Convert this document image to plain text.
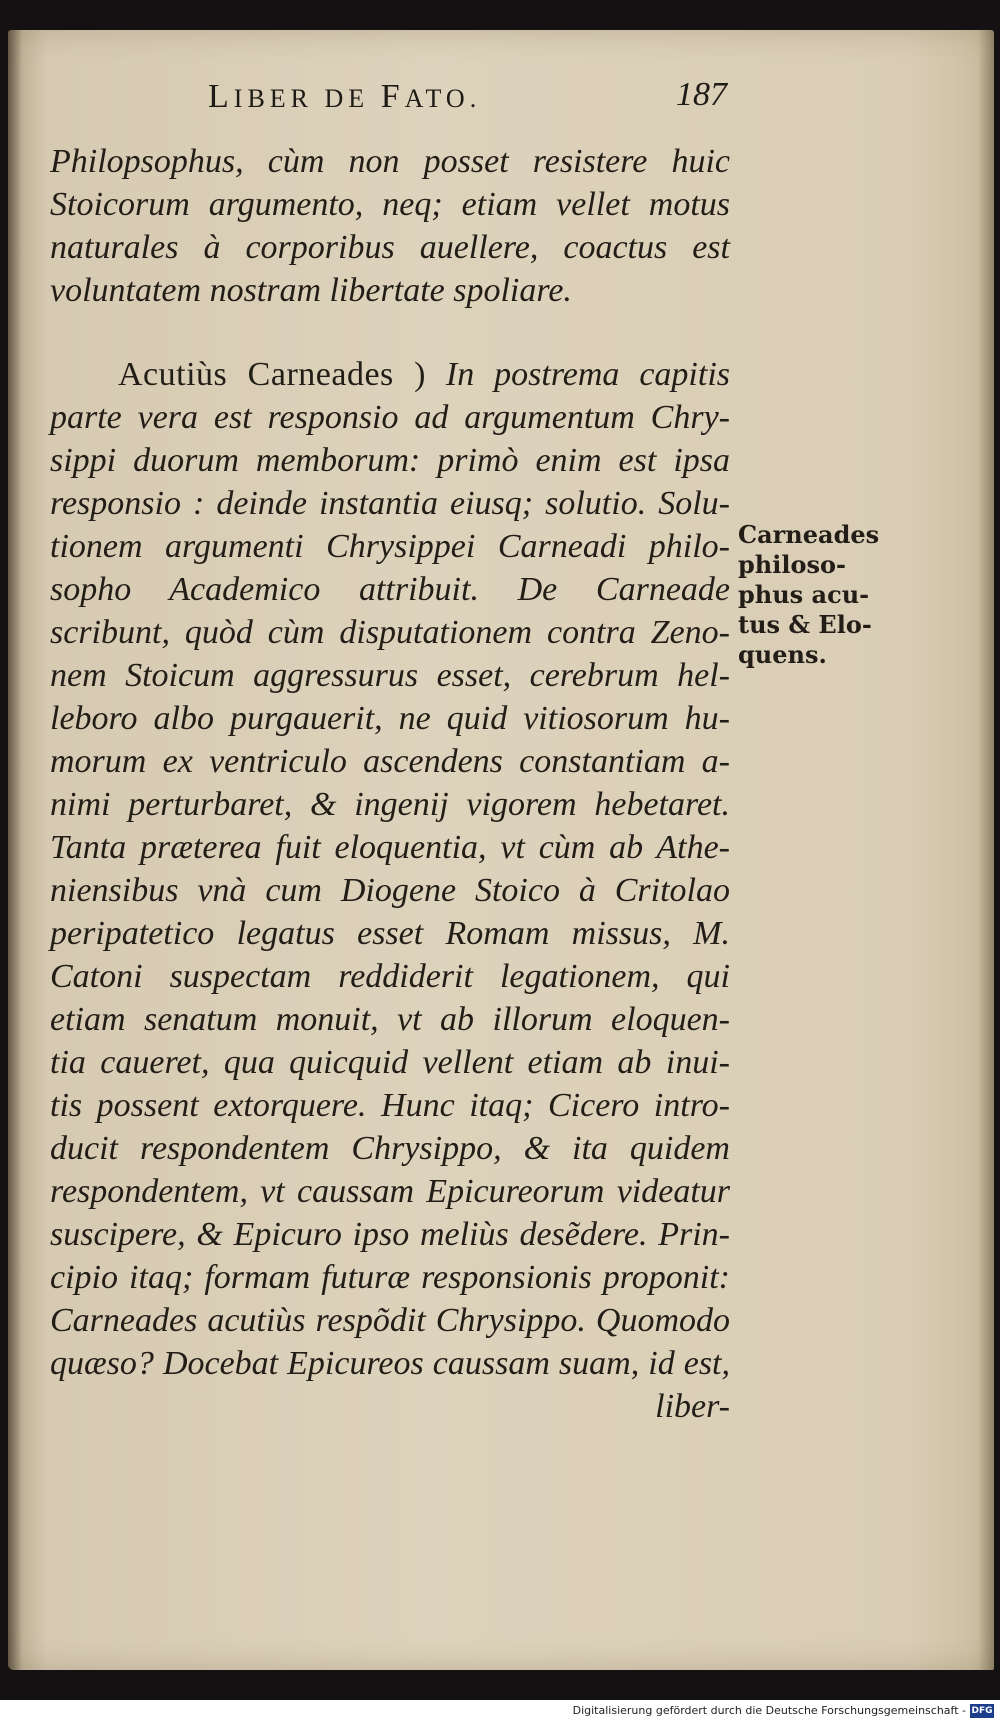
LIBER DE FATO.	187
Philopsophus, cùm non posset resistere huic
Stoicorum argumento, neq; etiam vellet motus
naturales à corporibus auellere, coactus est
voluntatem nostram libertate spoliare.
Acutiùs Carneades ) In postrema capitis
parte vera est responsio ad argumentum Chry-
sippi duorum memborum: primò enim est ipsa
responsio : deinde instantia eiusq; solutio. Solu-
tionem argumenti Chrysippei Carneadi philo-
sopho Academico attribuit. De Carneade
scribunt, quòd cùm disputationem contra Zeno-
nem Stoicum aggressurus esset, cerebrum hel-
leboro albo purgauerit, ne quid vitiosorum hu-
morum ex ventriculo ascendens constantiam a-
nimi perturbaret, & ingenij vigorem hebetaret.
Tanta præterea fuit eloquentia, vt cùm ab Athe-
niensibus vnà cum Diogene Stoico à Critolao
peripatetico legatus esset Romam missus, M.
Catoni suspectam reddiderit legationem, qui
etiam senatum monuit, vt ab illorum eloquen-
tia caueret, qua quicquid vellent etiam ab inui-
tis possent extorquere. Hunc itaq; Cicero intro-
ducit respondentem Chrysippo, & ita quidem
respondentem, vt caussam Epicureorum videatur
suscipere, & Epicuro ipso meliùs desẽdere. Prin-
cipio itaq; formam futuræ responsionis proponit:
Carneades acutiùs respõdit Chrysippo. Quomodo
quæso? Docebat Epicureos caussam suam, id est,
liber-
Carneades
philoso-
phus acu-
tus & Elo-
quens.
Digitalisierung gefördert durch die Deutsche Forschungsgemeinschaft - DFG
